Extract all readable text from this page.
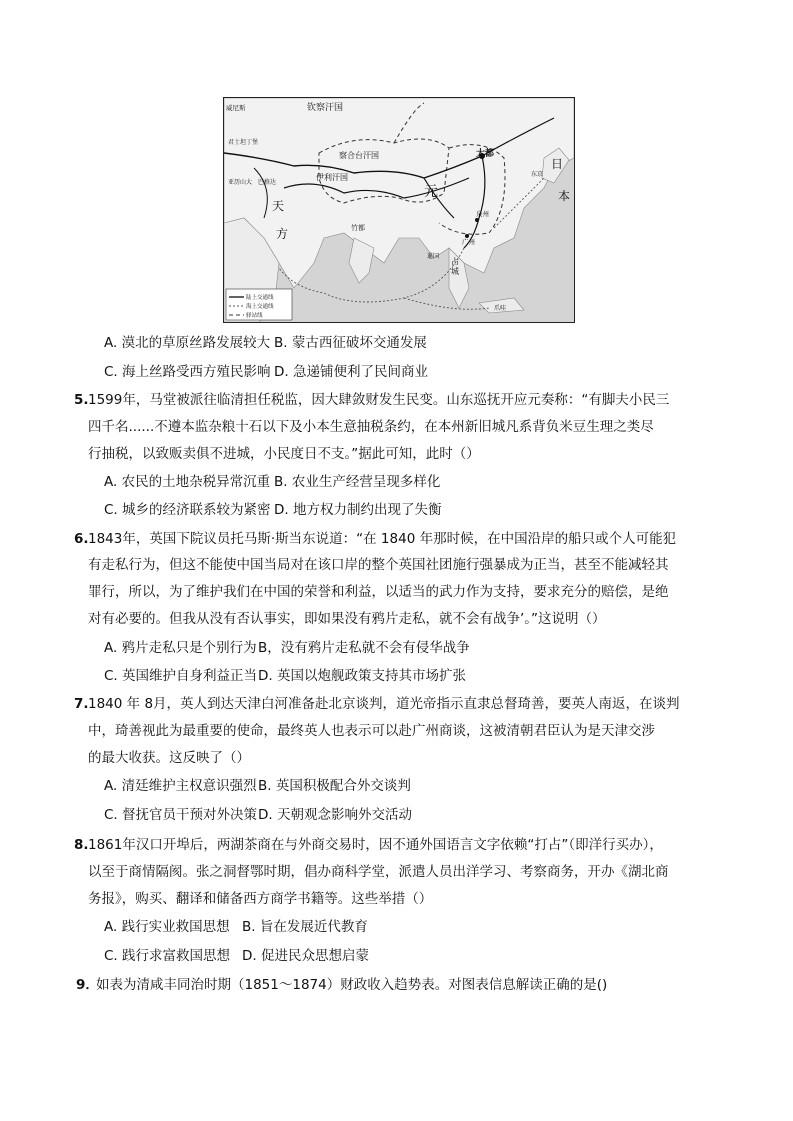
钦察汗国
察合台汗国
伊利汗国
大都
元
日
本
天
方
威尼斯
君士坦丁堡
亚历山大 巴格达
竹都
广州
泉州
东京
占
城
暹国
爪哇
陆上交通线
海上交通线
驿站线
A. 漠北的草原丝路发展较大 B. 蒙古西征破坏交通发展
C. 海上丝路受西方殖民影响 D. 急递铺便利了民间商业
5. 1599年，马堂被派往临清担任税监，因大肆敛财发生民变。山东巡抚开应元奏称：“有脚夫小民三
四千名......不遵本监杂粮十石以下及小本生意抽税条约，在本州新旧城凡系背负米豆生理之类尽
行抽税，以致贩卖俱不进城，小民度日不支。”据此可知，此时（）
A. 农民的土地杂税异常沉重 B. 农业生产经营呈现多样化
C. 城乡的经济联系较为紧密 D. 地方权力制约出现了失衡
6. 1843年，英国下院议员托马斯·斯当东说道：“在 1840 年那时候，在中国沿岸的船只或个人可能犯
有走私行为，但这不能使中国当局对在该口岸的整个英国社团施行强暴成为正当，甚至不能减轻其
罪行，所以，为了维护我们在中国的荣誉和利益，以适当的武力作为支持，要求充分的赔偿，是绝
对有必要的。但我从没有否认事实，即如果没有鸦片走私，就不会有战争’。”这说明（）
A. 鸦片走私只是个别行为 B，没有鸦片走私就不会有侵华战争
C. 英国维护自身利益正当 D. 英国以炮舰政策支持其市场扩张
7. 1840 年 8月，英人到达天津白河准备赴北京谈判，道光帝指示直隶总督琦善，要英人南返，在谈判
中，琦善视此为最重要的使命，最终英人也表示可以赴广州商谈，这被清朝君臣认为是天津交涉
的最大收获。这反映了（）
A. 清廷维护主权意识强烈 B. 英国积极配合外交谈判
C. 督抚官员干预对外决策 D. 天朝观念影响外交活动
8. 1861年汉口开埠后，两湖茶商在与外商交易时，因不通外国语言文字依赖“打占”（即洋行买办），
以至于商情隔阂。张之洞督鄂时期，倡办商科学堂，派遣人员出洋学习、考察商务，开办《湖北商
务报》，购买、翻译和储备西方商学书籍等。这些举措（）
A. 践行实业救国思想 B. 旨在发展近代教育
C. 践行求富救国思想 D. 促进民众思想启蒙
9．
如表为清咸丰同治时期（1851～1874）财政收入趋势表。对图表信息解读正确的是()
